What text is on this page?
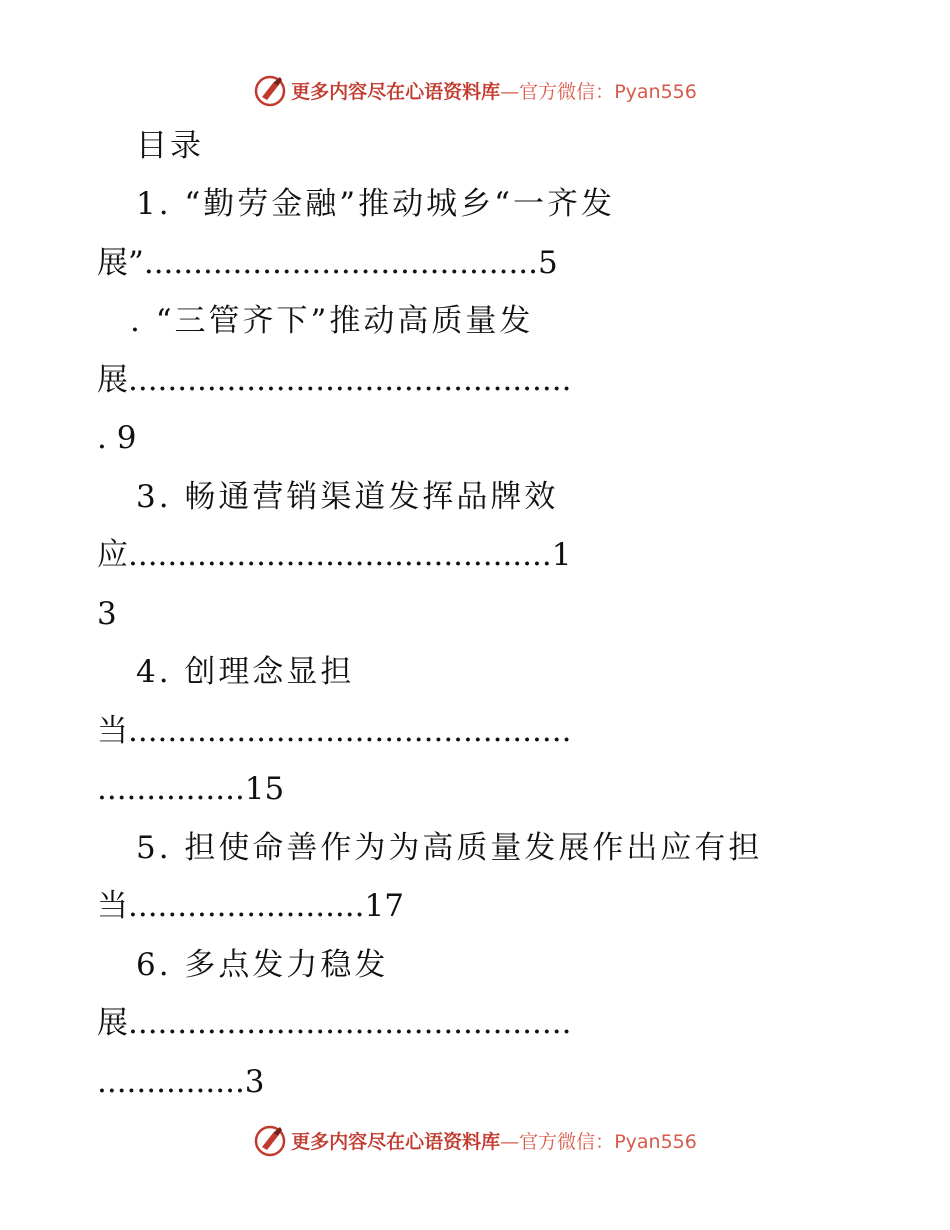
更多内容尽在心语资料库—官方微信：Pyan556
目录
1. “勤劳金融”推动城乡“一齐发
展”........................................5
. “三管齐下”推动高质量发
展.............................................
. 9
3. 畅通营销渠道发挥品牌效
应...........................................1
3
4. 创理念显担
当.............................................
...............15
5. 担使命善作为为高质量发展作出应有担
当........................17
6. 多点发力稳发
展.............................................
...............3
更多内容尽在心语资料库—官方微信：Pyan556
